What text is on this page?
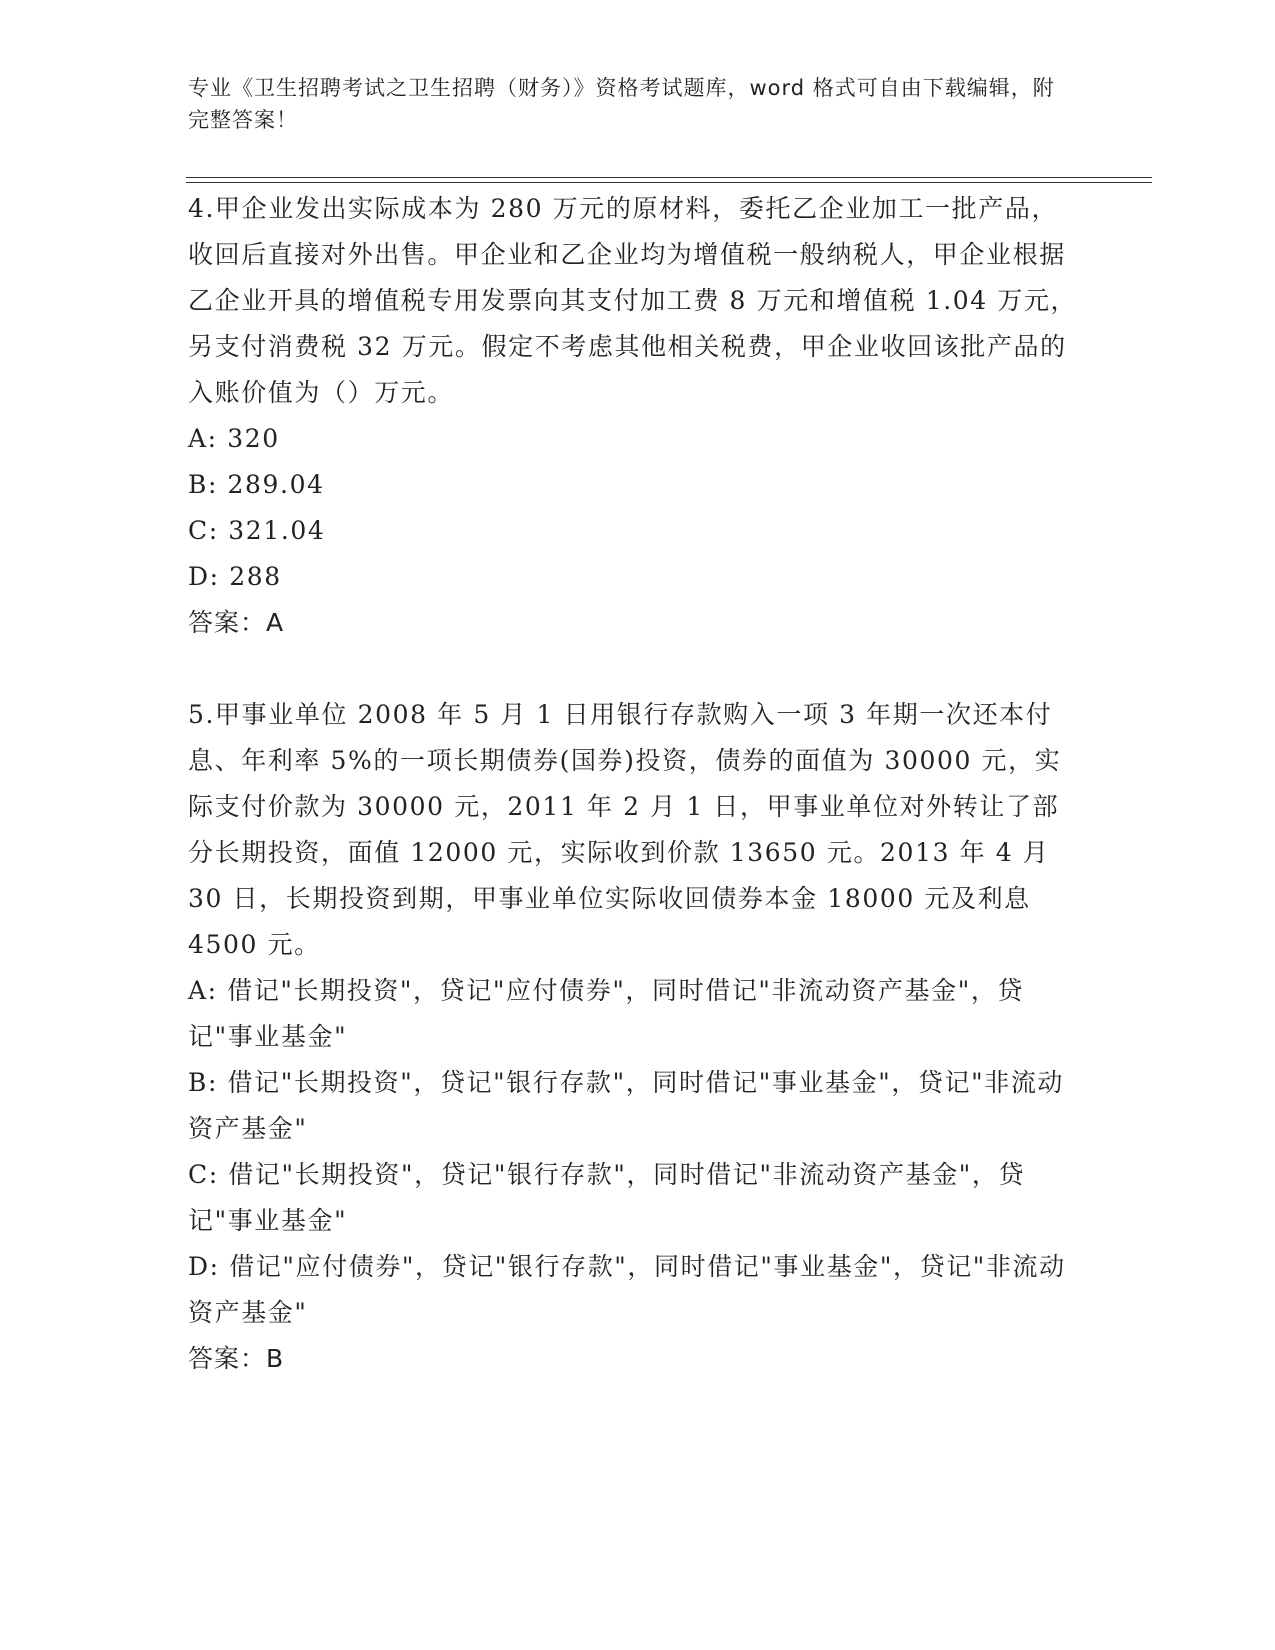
专业《卫生招聘考试之卫生招聘（财务）》资格考试题库，word 格式可自由下载编辑，附完整答案！

4.甲企业发出实际成本为 280 万元的原材料，委托乙企业加工一批产品，收回后直接对外出售。甲企业和乙企业均为增值税一般纳税人，甲企业根据乙企业开具的增值税专用发票向其支付加工费 8 万元和增值税 1.04 万元，另支付消费税 32 万元。假定不考虑其他相关税费，甲企业收回该批产品的入账价值为（）万元。

A: 320

B: 289.04

C: 321.04

D: 288

答案：A

5.甲事业单位 2008 年 5 月 1 日用银行存款购入一项 3 年期一次还本付息、年利率 5%的一项长期债券(国券)投资，债券的面值为 30000 元，实际支付价款为 30000 元，2011 年 2 月 1 日，甲事业单位对外转让了部分长期投资，面值 12000 元，实际收到价款 13650 元。2013 年 4 月 30 日，长期投资到期，甲事业单位实际收回债券本金 18000 元及利息 4500 元。

A: 借记"长期投资"，贷记"应付债券"，同时借记"非流动资产基金"，贷记"事业基金"

B: 借记"长期投资"，贷记"银行存款"，同时借记"事业基金"，贷记"非流动资产基金"

C: 借记"长期投资"，贷记"银行存款"，同时借记"非流动资产基金"，贷记"事业基金"

D: 借记"应付债券"，贷记"银行存款"，同时借记"事业基金"，贷记"非流动资产基金"

答案：B
